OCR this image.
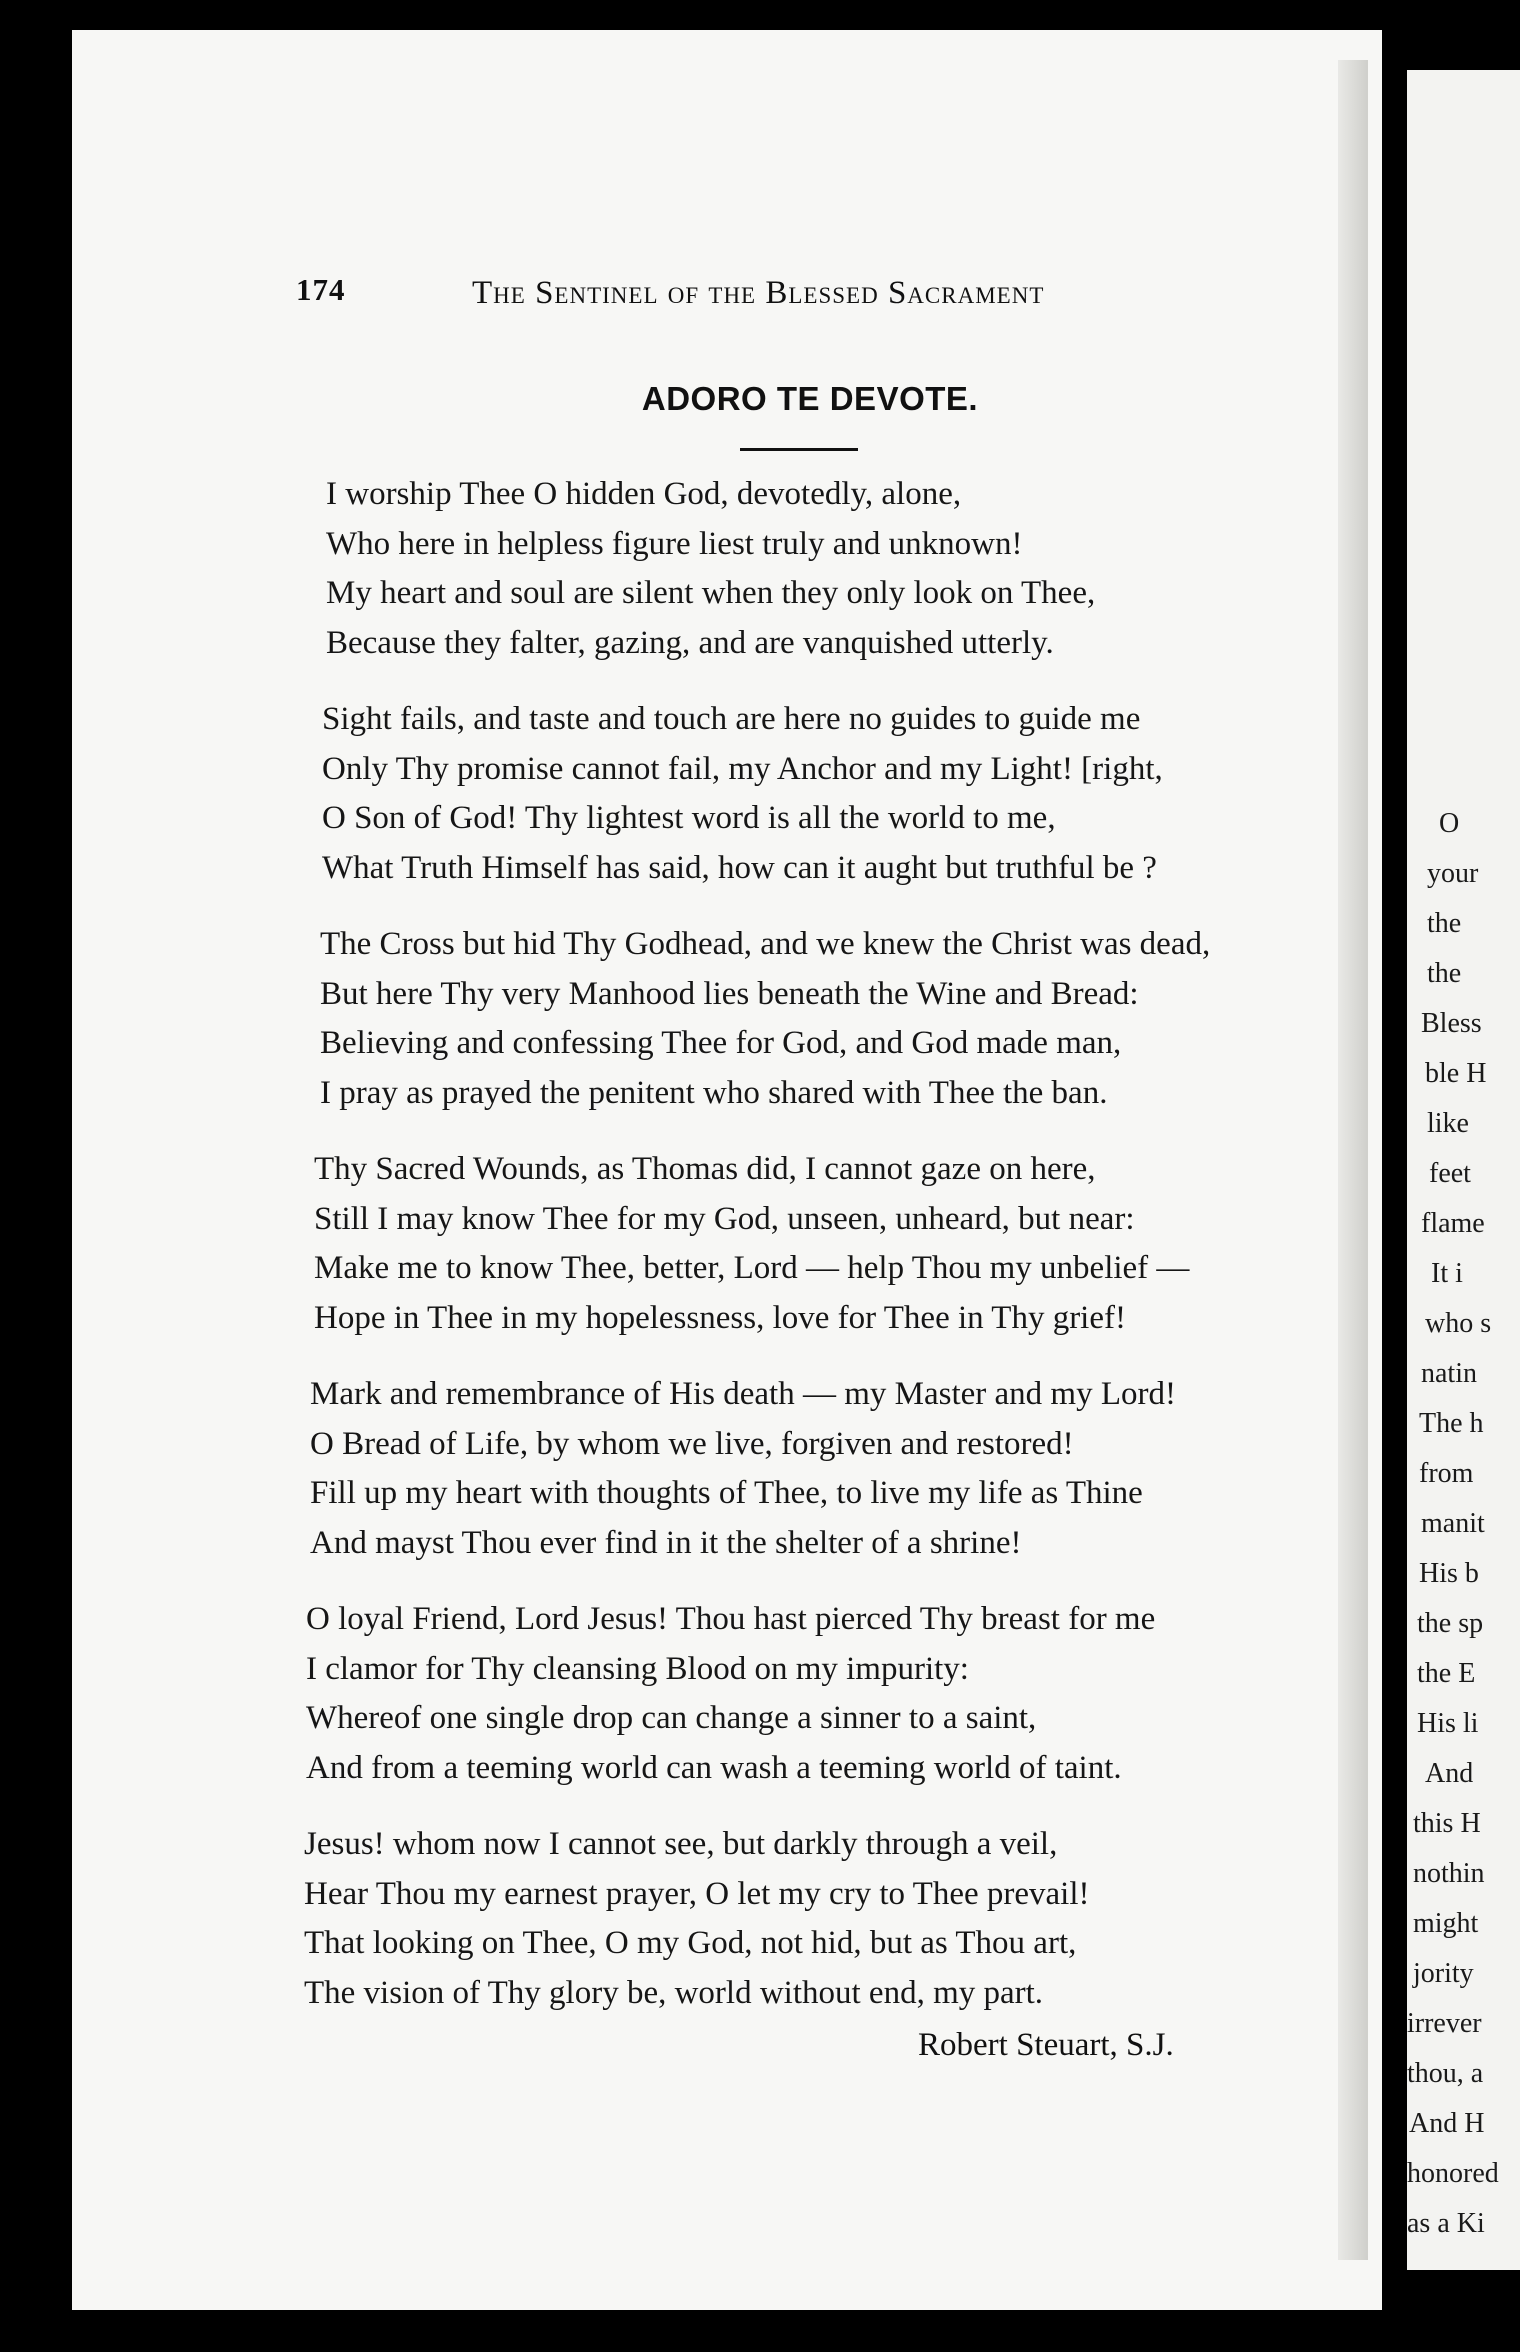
O
your
the
the
Bless
ble H
like
feet
flame
It i
who s
natin
The h
from
manit
His b
the sp
the E
His li
And
this H
nothin
might
jority
irrever
thou, a
And H
honored
as a Ki
174	The Sentinel of the Blessed Sacrament
ADORO TE DEVOTE.
I worship Thee O hidden God, devotedly, alone,
Who here in helpless figure liest truly and unknown!
My heart and soul are silent when they only look on Thee,
Because they falter, gazing, and are vanquished utterly.
Sight fails, and taste and touch are here no guides to guide me
Only Thy promise cannot fail, my Anchor and my Light! [right,
O Son of God! Thy lightest word is all the world to me,
What Truth Himself has said, how can it aught but truthful be ?
The Cross but hid Thy Godhead, and we knew the Christ was dead,
But here Thy very Manhood lies beneath the Wine and Bread:
Believing and confessing Thee for God, and God made man,
I pray as prayed the penitent who shared with Thee the ban.
Thy Sacred Wounds, as Thomas did, I cannot gaze on here,
Still I may know Thee for my God, unseen, unheard, but near:
Make me to know Thee, better, Lord — help Thou my unbelief —
Hope in Thee in my hopelessness, love for Thee in Thy grief!
Mark and remembrance of His death — my Master and my Lord!
O Bread of Life, by whom we live, forgiven and restored!
Fill up my heart with thoughts of Thee, to live my life as Thine
And mayst Thou ever find in it the shelter of a shrine!
O loyal Friend, Lord Jesus! Thou hast pierced Thy breast for me
I clamor for Thy cleansing Blood on my impurity:
Whereof one single drop can change a sinner to a saint,
And from a teeming world can wash a teeming world of taint.
Jesus! whom now I cannot see, but darkly through a veil,
Hear Thou my earnest prayer, O let my cry to Thee prevail!
That looking on Thee, O my God, not hid, but as Thou art,
The vision of Thy glory be, world without end, my part.
Robert Steuart, S.J.
